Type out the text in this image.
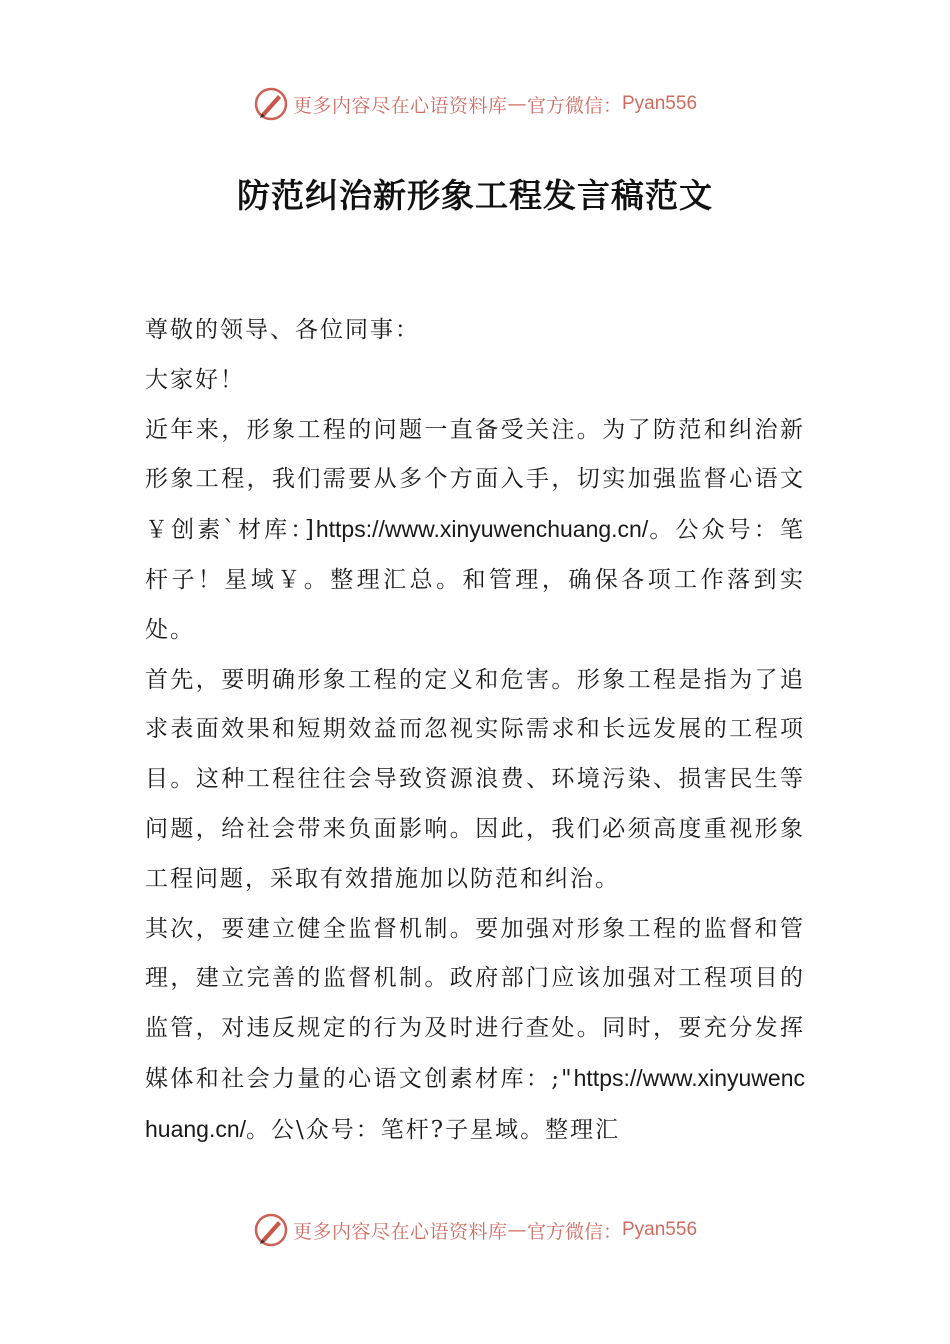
更多内容尽在心语资料库 — 官方微信： Pyan556
防范纠治新形象工程发言稿范文

尊敬的领导、各位同事：

大家好！

近年来，形象工程的问题一直备受关注。为了防范和纠治新形象工程，我们需要从多个方面入手，切实加强监督心语文￥创素`材库：]https://www.xinyuwenchuang.cn/。公众号：笔杆子！星域￥。整理汇总。和管理，确保各项工作落到实处。

首先，要明确形象工程的定义和危害。形象工程是指为了追求表面效果和短期效益而忽视实际需求和长远发展的工程项目。这种工程往往会导致资源浪费、环境污染、损害民生等问题，给社会带来负面影响。因此，我们必须高度重视形象工程问题，采取有效措施加以防范和纠治。

其次，要建立健全监督机制。要加强对形象工程的监督和管理，建立完善的监督机制。政府部门应该加强对工程项目的监管，对违反规定的行为及时进行查处。同时，要充分发挥媒体和社会力量的心语文创素材库：;"https://www.xinyuwenchuang.cn/。公\众号：笔杆?子星域。整理汇

更多内容尽在心语资料库 — 官方微信： Pyan556
